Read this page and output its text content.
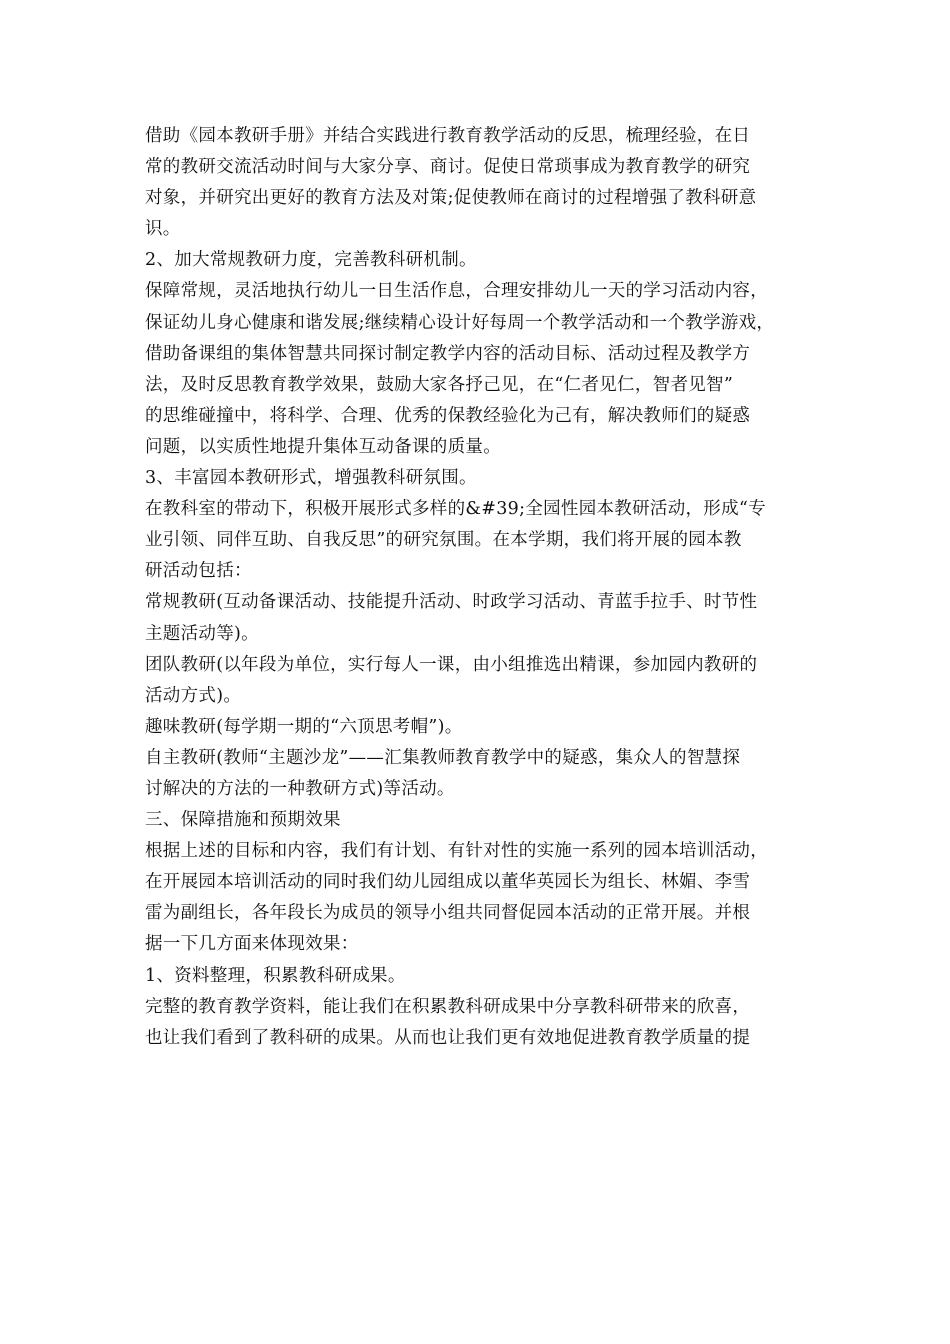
借助《园本教研手册》并结合实践进行教育教学活动的反思，梳理经验，在日
常的教研交流活动时间与大家分享、商讨。促使日常琐事成为教育教学的研究
对象，并研究出更好的教育方法及对策;促使教师在商讨的过程增强了教科研意
识。
2、加大常规教研力度，完善教科研机制。
保障常规，灵活地执行幼儿一日生活作息，合理安排幼儿一天的学习活动内容，
保证幼儿身心健康和谐发展;继续精心设计好每周一个教学活动和一个教学游戏，
借助备课组的集体智慧共同探讨制定教学内容的活动目标、活动过程及教学方
法，及时反思教育教学效果，鼓励大家各抒己见，在“仁者见仁，智者见智”
的思维碰撞中，将科学、合理、优秀的保教经验化为己有，解决教师们的疑惑
问题，以实质性地提升集体互动备课的质量。
3、丰富园本教研形式，增强教科研氛围。
在教科室的带动下，积极开展形式多样的&#39;全园性园本教研活动，形成“专
业引领、同伴互助、自我反思”的研究氛围。在本学期，我们将开展的园本教
研活动包括：
常规教研(互动备课活动、技能提升活动、时政学习活动、青蓝手拉手、时节性
主题活动等)。
团队教研(以年段为单位，实行每人一课，由小组推选出精课，参加园内教研的
活动方式)。
趣味教研(每学期一期的“六顶思考帽”)。
自主教研(教师“主题沙龙”——汇集教师教育教学中的疑惑，集众人的智慧探
讨解决的方法的一种教研方式)等活动。
三、保障措施和预期效果
根据上述的目标和内容，我们有计划、有针对性的实施一系列的园本培训活动，
在开展园本培训活动的同时我们幼儿园组成以董华英园长为组长、林媚、李雪
雷为副组长，各年段长为成员的领导小组共同督促园本活动的正常开展。并根
据一下几方面来体现效果：
1、资料整理，积累教科研成果。
完整的教育教学资料，能让我们在积累教科研成果中分享教科研带来的欣喜，
也让我们看到了教科研的成果。从而也让我们更有效地促进教育教学质量的提
